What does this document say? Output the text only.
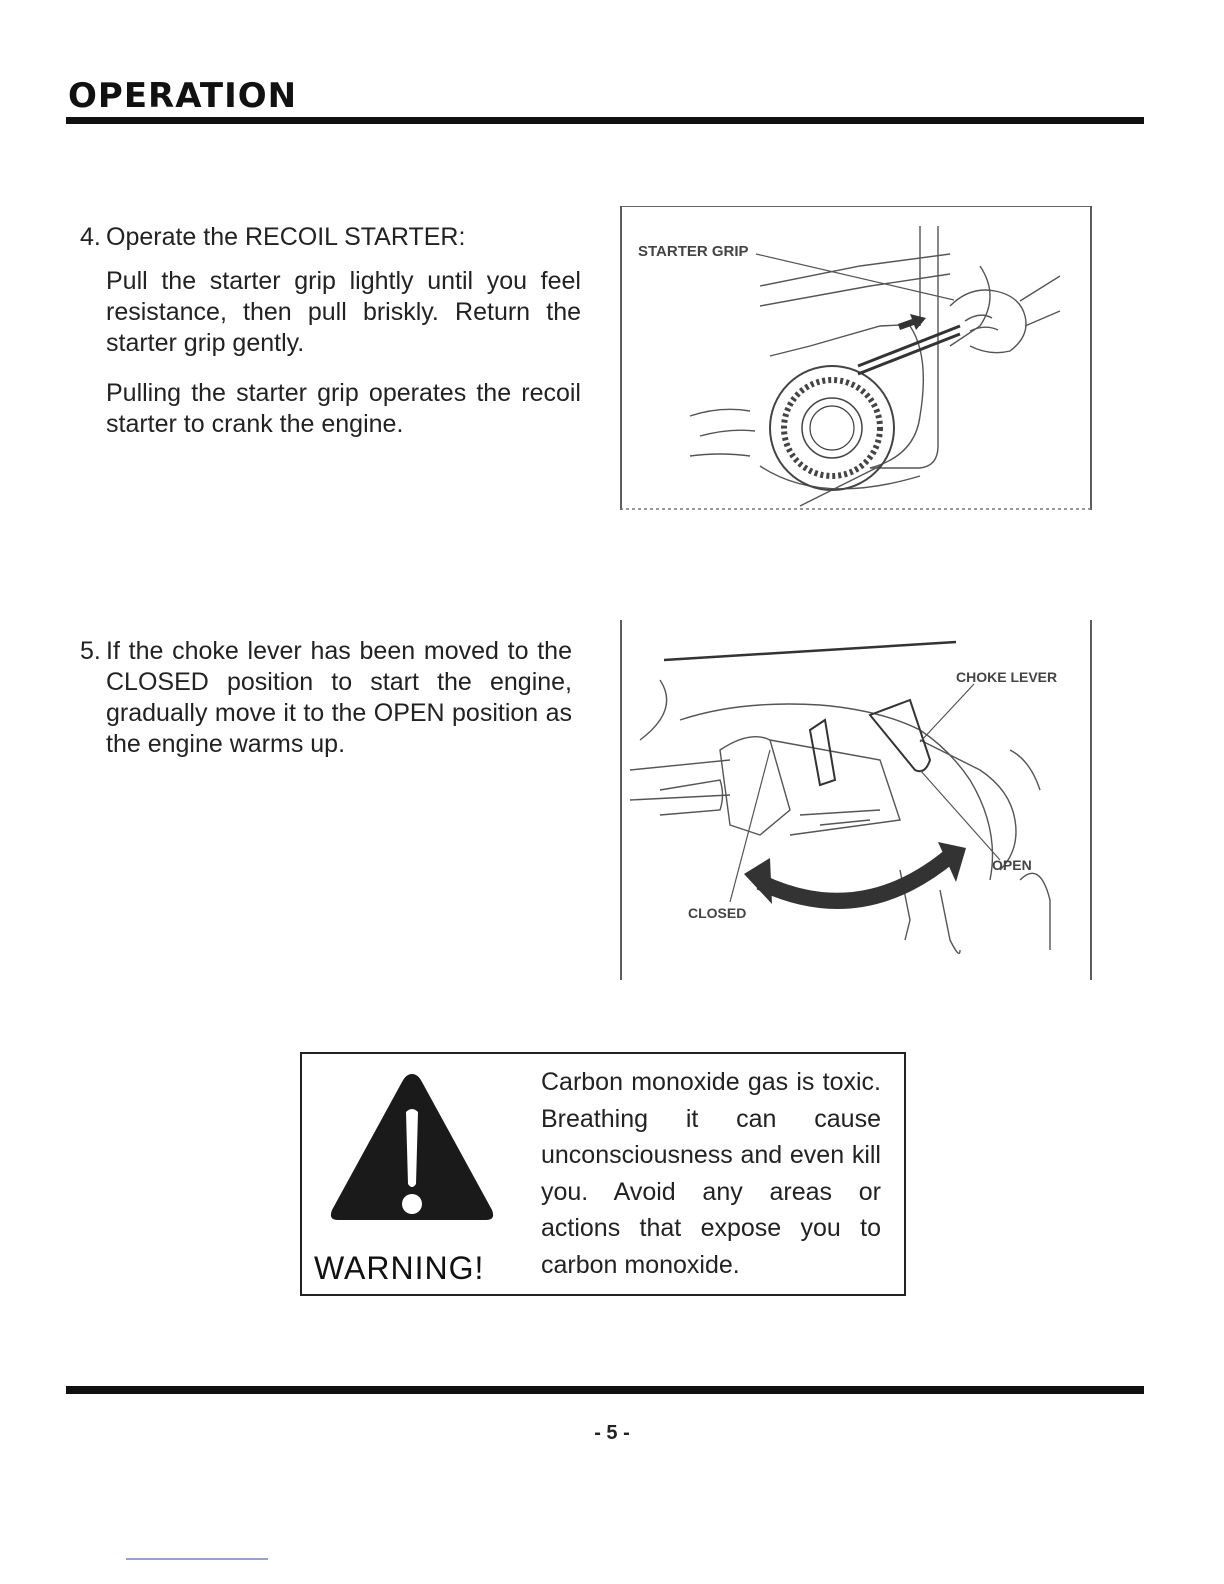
OPERATION
4. Operate the RECOIL STARTER:

Pull the starter grip lightly until you feel resistance, then pull briskly. Return the starter grip gently.

Pulling the starter grip operates the recoil starter to crank the engine.

STARTER GRIP
5. If the choke lever has been moved to the CLOSED position to start the engine, gradually move it to the OPEN position as the engine warms up.

CHOKE LEVER
OPEN
CLOSED
WARNING!
Carbon monoxide gas is toxic. Breathing it can cause unconsciousness and even kill you. Avoid any areas or actions that expose you to carbon monoxide.
- 5 -
